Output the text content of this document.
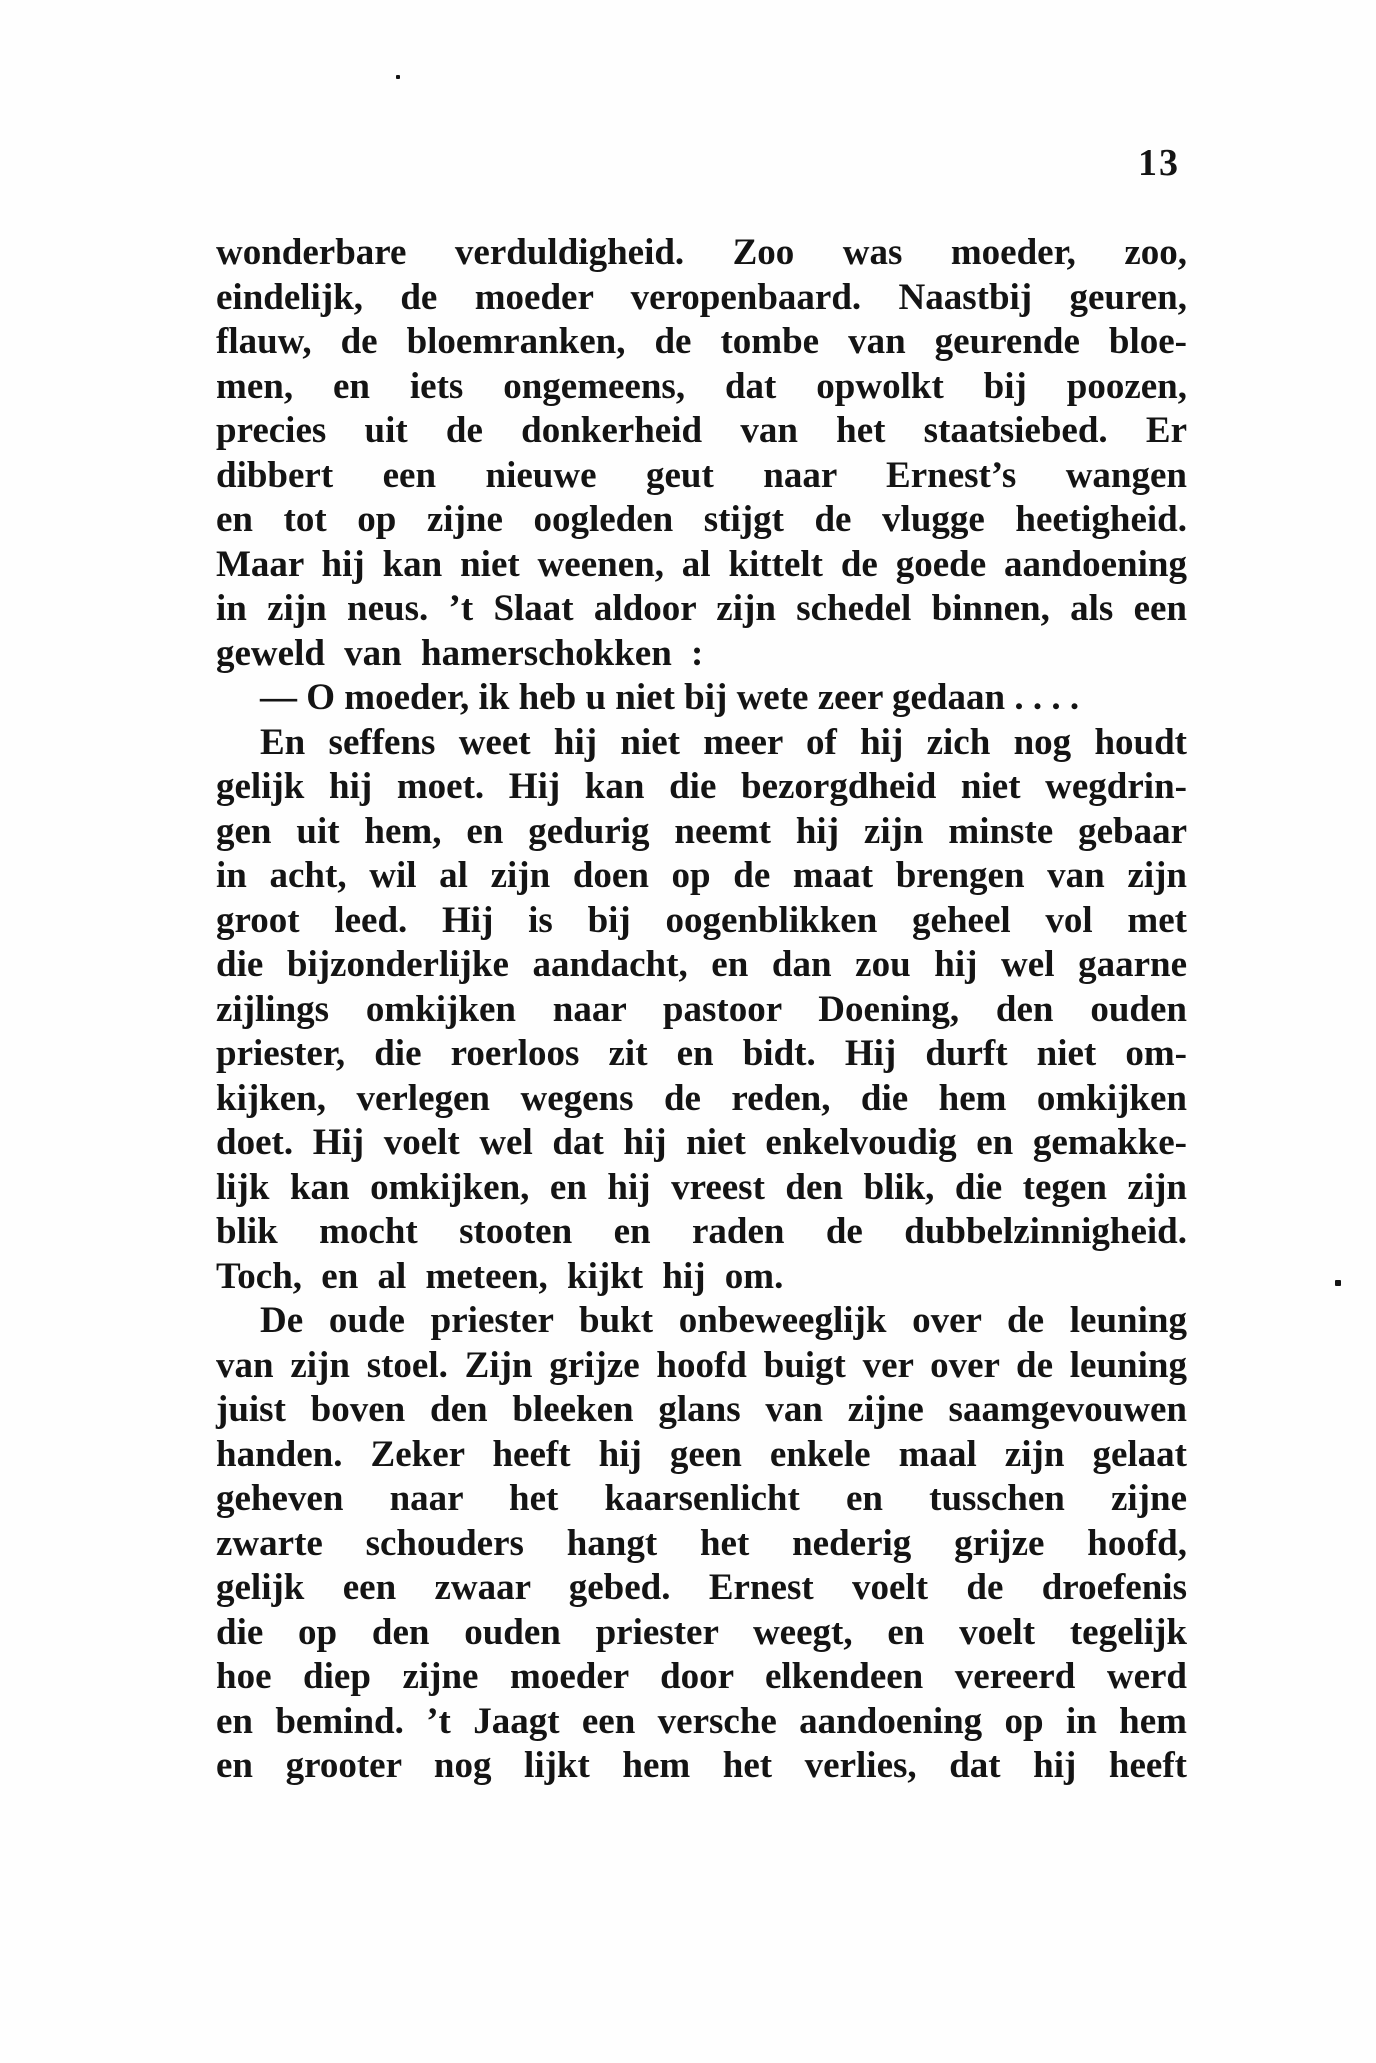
13
wonderbare verduldigheid. Zoo was moeder, zoo,
eindelijk, de moeder veropenbaard. Naastbij geuren,
flauw, de bloemranken, de tombe van geurende bloe-
men, en iets ongemeens, dat opwolkt bij poozen,
precies uit de donkerheid van het staatsiebed. Er
dibbert een nieuwe geut naar Ernest’s wangen
en tot op zijne oogleden stijgt de vlugge heetigheid.
Maar hij kan niet weenen, al kittelt de goede aandoening
in zijn neus. ’t Slaat aldoor zijn schedel binnen, als een
geweld van hamerschokken :
— O moeder, ik heb u niet bij wete zeer gedaan . . . .
En seffens weet hij niet meer of hij zich nog houdt
gelijk hij moet. Hij kan die bezorgdheid niet wegdrin-
gen uit hem, en gedurig neemt hij zijn minste gebaar
in acht, wil al zijn doen op de maat brengen van zijn
groot leed. Hij is bij oogenblikken geheel vol met
die bijzonderlijke aandacht, en dan zou hij wel gaarne
zijlings omkijken naar pastoor Doening, den ouden
priester, die roerloos zit en bidt. Hij durft niet om-
kijken, verlegen wegens de reden, die hem omkijken
doet. Hij voelt wel dat hij niet enkelvoudig en gemakke-
lijk kan omkijken, en hij vreest den blik, die tegen zijn
blik mocht stooten en raden de dubbelzinnigheid.
Toch, en al meteen, kijkt hij om.
De oude priester bukt onbeweeglijk over de leuning
van zijn stoel. Zijn grijze hoofd buigt ver over de leuning
juist boven den bleeken glans van zijne saamgevouwen
handen. Zeker heeft hij geen enkele maal zijn gelaat
geheven naar het kaarsenlicht en tusschen zijne
zwarte schouders hangt het nederig grijze hoofd,
gelijk een zwaar gebed. Ernest voelt de droefenis
die op den ouden priester weegt, en voelt tegelijk
hoe diep zijne moeder door elkendeen vereerd werd
en bemind. ’t Jaagt een versche aandoening op in hem
en grooter nog lijkt hem het verlies, dat hij heeft
